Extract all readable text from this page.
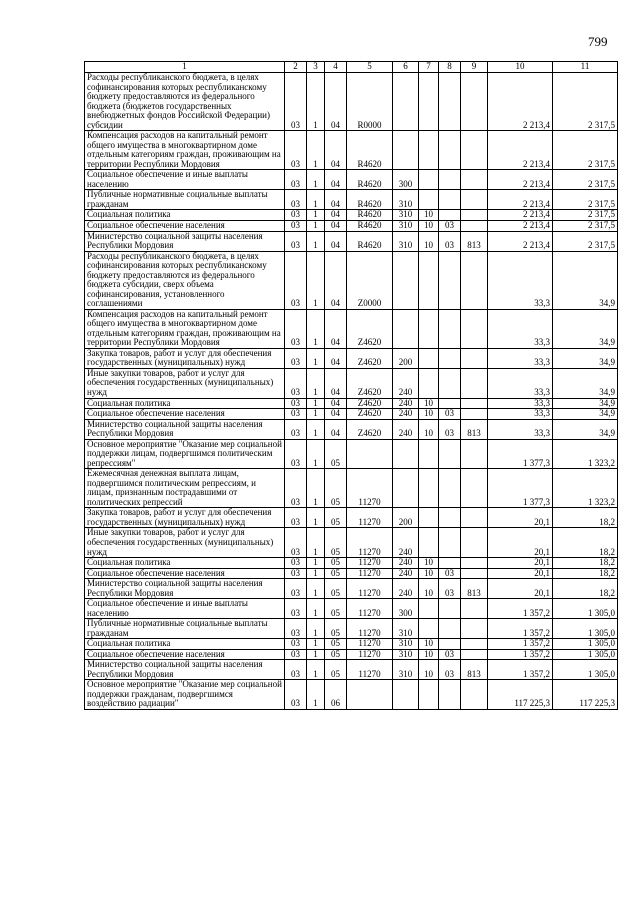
799
1	2	3	4	5	6	7	8	9	10	11
Расходы республиканского бюджета, в целях софинансирования которых республиканскому бюджету предоставляются из федерального бюджета (бюджетов государственных внебюджетных фондов Российской Федерации) субсидии	03	1	04	R0000					2 213,4	2 317,5
Компенсация расходов на капитальный ремонт общего имущества в многоквартирном доме отдельным категориям граждан, проживающим на территории Республики Мордовия	03	1	04	R4620					2 213,4	2 317,5
Социальное обеспечение и иные выплаты населению	03	1	04	R4620	300				2 213,4	2 317,5
Публичные нормативные социальные выплаты гражданам	03	1	04	R4620	310				2 213,4	2 317,5
Социальная политика	03	1	04	R4620	310	10			2 213,4	2 317,5
Социальное обеспечение населения	03	1	04	R4620	310	10	03		2 213,4	2 317,5
Министерство социальной защиты населения Республики Мордовия	03	1	04	R4620	310	10	03	813	2 213,4	2 317,5
Расходы республиканского бюджета, в целях софинансирования которых республиканскому бюджету предоставляются из федерального бюджета субсидии, сверх объема софинансирования, установленного соглашениями	03	1	04	Z0000					33,3	34,9
Компенсация расходов на капитальный ремонт общего имущества в многоквартирном доме отдельным категориям граждан, проживающим на территории Республики Мордовия	03	1	04	Z4620					33,3	34,9
Закупка товаров, работ и услуг для обеспечения государственных (муниципальных) нужд	03	1	04	Z4620	200				33,3	34,9
Иные закупки товаров, работ и услуг для обеспечения государственных (муниципальных) нужд	03	1	04	Z4620	240				33,3	34,9
Социальная политика	03	1	04	Z4620	240	10			33,3	34,9
Социальное обеспечение населения	03	1	04	Z4620	240	10	03		33,3	34,9
Министерство социальной защиты населения Республики Мордовия	03	1	04	Z4620	240	10	03	813	33,3	34,9
Основное мероприятие "Оказание мер социальной поддержки лицам, подвергшимся политическим репрессиям"	03	1	05						1 377,3	1 323,2
Ежемесячная денежная выплата лицам, подвергшимся политическим репрессиям, и лицам, признанным пострадавшими от политических репрессий	03	1	05	11270					1 377,3	1 323,2
Закупка товаров, работ и услуг для обеспечения государственных (муниципальных) нужд	03	1	05	11270	200				20,1	18,2
Иные закупки товаров, работ и услуг для обеспечения государственных (муниципальных) нужд	03	1	05	11270	240				20,1	18,2
Социальная политика	03	1	05	11270	240	10			20,1	18,2
Социальное обеспечение населения	03	1	05	11270	240	10	03		20,1	18,2
Министерство социальной защиты населения Республики Мордовия	03	1	05	11270	240	10	03	813	20,1	18,2
Социальное обеспечение и иные выплаты населению	03	1	05	11270	300				1 357,2	1 305,0
Публичные нормативные социальные выплаты гражданам	03	1	05	11270	310				1 357,2	1 305,0
Социальная политика	03	1	05	11270	310	10			1 357,2	1 305,0
Социальное обеспечение населения	03	1	05	11270	310	10	03		1 357,2	1 305,0
Министерство социальной защиты населения Республики Мордовия	03	1	05	11270	310	10	03	813	1 357,2	1 305,0
Основное мероприятие "Оказание мер социальной поддержки гражданам, подвергшимся воздействию радиации"	03	1	06						117 225,3	117 225,3
